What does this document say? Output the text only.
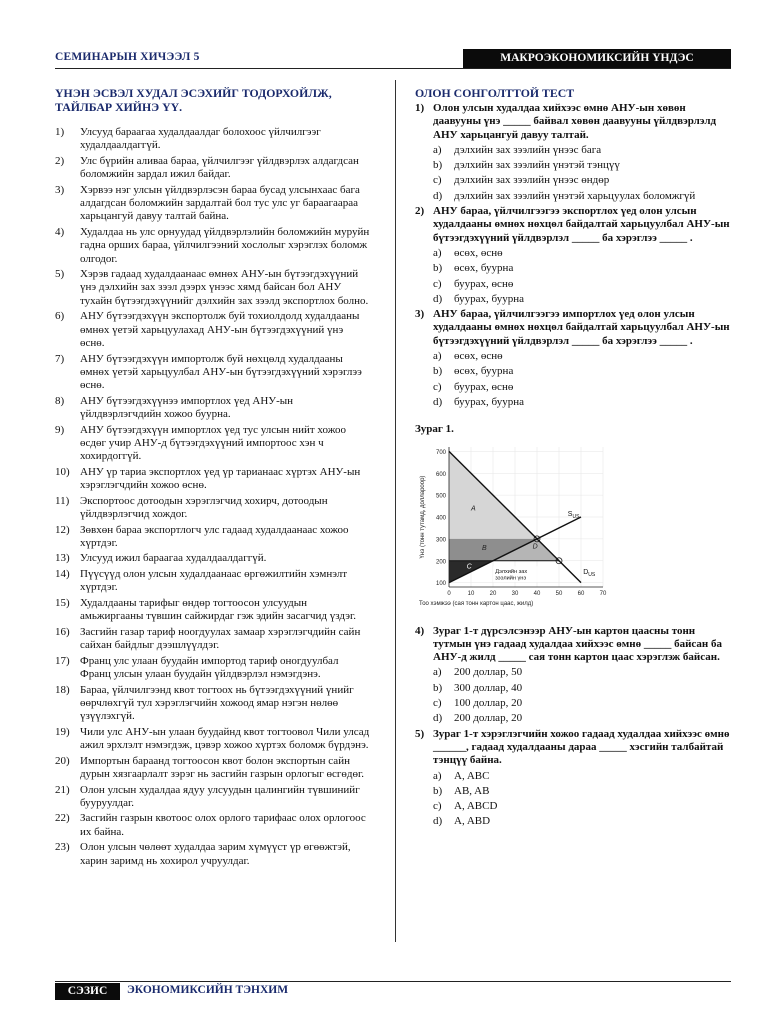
СЕМИНАРЫН ХИЧЭЭЛ 5	МАКРОЭКОНОМИКСИЙН ҮНДЭС
ҮНЭН ЭСВЭЛ ХУДАЛ ЭСЭХИЙГ ТОДОРХОЙЛЖ, ТАЙЛБАР ХИЙНЭ ҮҮ.
1)	Улсууд бараагаа худалдаалдаг болохоос үйлчилгээг худалдаалдаггүй.
2)	Улс бүрийн аливаа бараа, үйлчилгээг үйлдвэрлэх алдагдсан боломжийн зардал ижил байдаг.
3)	Хэрвээ нэг улсын үйлдвэрлэсэн бараа бусад улсынхаас бага алдагдсан боломжийн зардалтай бол тус улс уг бараагаараа харьцангуй давуу талтай байна.
4)	Худалдаа нь улс орнуудад үйлдвэрлэлийн боломжийн муруйн гадна орших бараа, үйлчилгээний хослолыг хэрэглэх боломж олгодог.
5)	Хэрэв гадаад худалдаанаас өмнөх АНУ-ын бүтээгдэхүүний үнэ дэлхийн зах зээл дээрх үнээс хямд байсан бол АНУ тухайн бүтээгдэхүүнийг дэлхийн зах зээлд экспортлох болно.
6)	АНУ бүтээгдэхүүн экспортолж буй тохиолдолд худалдааны өмнөх үетэй харьцуулахад АНУ-ын бүтээгдэхүүний үнэ өснө.
7)	АНУ бүтээгдэхүүн импортолж буй нөхцөлд худалдааны өмнөх үетэй харьцуулбал АНУ-ын бүтээгдэхүүний хэрэглээ өснө.
8)	АНУ бүтээгдэхүүнээ импортлох үед АНУ-ын үйлдвэрлэгчдийн хожоо буурна.
9)	АНУ бүтээгдэхүүн импортлох үед тус улсын нийт хожоо өсдөг учир АНУ-д бүтээгдэхүүний импортоос хэн ч хохирдоггүй.
10) АНУ үр тариа экспортлох үед үр тарианаас хүртэх АНУ-ын хэрэглэгчдийн хожоо өснө.
11) Экспортоос дотоодын хэрэглэгчид хохирч, дотоодын үйлдвэрлэгчид хождог.
12) Зөвхөн бараа экспортлогч улс гадаад худалдаанаас хожоо хүртдэг.
13) Улсууд ижил бараагаа худалдаалдаггүй.
14) Пүүсүүд олон улсын худалдаанаас өргөжилтийн хэмнэлт хүртдэг.
15) Худалдааны тарифыг өндөр тогтоосон улсуудын амьжиргааны түвшин сайжирдаг гэж эдийн засагчид үздэг.
16) Засгийн газар тариф ноогдуулах замаар хэрэглэгчдийн сайн сайхан байдлыг дээшлүүлдэг.
17) Франц улс улаан буудайн импортод тариф оногдуулбал Франц улсын улаан буудайн үйлдвэрлэл нэмэгдэнэ.
18) Бараа, үйлчилгээнд квот тогтоох нь бүтээгдэхүүний үнийг өөрчлөхгүй тул хэрэглэгчийн хожоод ямар нэгэн нөлөө үзүүлэхгүй.
19) Чили улс АНУ-ын улаан буудайнд квот тогтоовол Чили улсад ажил эрхлэлт нэмэгдэж, цэвэр хожоо хүртэх боломж бүрдэнэ.
20) Импортын бараанд тогтоосон квот болон экспортын сайн дурын хязгаарлалт зэрэг нь засгийн газрын орлогыг өсгөдөг.
21) Олон улсын худалдаа ядуу улсуудын цалингийн түвшинийг бууруулдаг.
22) Засгийн газрын квотоос олох орлого тарифаас олох орлогоос их байна.
23) Олон улсын чөлөөт худалдаа зарим хүмүүст үр өгөөжтэй, харин заримд нь хохирол учруулдаг.
ОЛОН СОНГОЛТТОЙ ТЕСТ
1) Олон улсын худалдаа хийхээс өмнө АНУ-ын хөвөн даавууны үнэ _____ байвал хөвөн даавууны үйлдвэрлэлд АНУ харьцангуй давуу талтай.
a)	дэлхийн зах зээлийн үнээс бага
b)	дэлхийн зах зээлийн үнэтэй тэнцүү
c)	дэлхийн зах зээлийн үнээс өндөр
d)	дэлхийн зах зээлийн үнэтэй харьцуулах боломжгүй
2) АНУ бараа, үйлчилгээгээ экспортлох үед олон улсын худалдааны өмнөх нөхцөл байдалтай харьцуулбал АНУ-ын бүтээгдэхүүний үйлдвэрлэл _____ ба хэрэглээ _____ .
a)	өсөх, өснө
b)	өсөх, буурна
c)	буурах, өснө
d)	буурах, буурна
3) АНУ бараа, үйлчилгээгээ импортлох үед олон улсын худалдааны өмнөх нөхцөл байдалтай харьцуулбал АНУ-ын бүтээгдэхүүний үйлдвэрлэл _____ ба хэрэглээ _____ .
a)	өсөх, өснө
b)	өсөх, буурна
c)	буурах, өснө
d)	буурах, буурна
Зураг 1.
100
200
300
400
500
600
700
0	10	20	30	40	50	60	70
Үнэ (тонн тутамд, доллароор)
Тоо хэмжээ (сая тонн картон цаас, жилд)
A
B
C
D
$S_{US}$
$D_{US}$
Дэлхийн зах зээлийн үнэ
4) Зураг 1-т дүрсэлсэнээр АНУ-ын картон цаасны тонн тутмын үнэ гадаад худалдаа хийхээс өмнө _____ байсан ба АНУ-д жилд _____ сая тонн картон цаас хэрэглэж байсан.
a)	200 доллар, 50
b)	300 доллар, 40
c)	100 доллар, 20
d)	200 доллар, 20
5) Зураг 1-т хэрэглэгчийн хожоо гадаад худалдаа хийхээс өмнө ______, гадаад худалдааны дараа _____ хэсгийн талбайтай тэнцүү байна.
a)	A, ABC
b)	AB, AB
c)	A, ABCD
d)	A, ABD
СЭЗИС	ЭКОНОМИКСИЙН ТЭНХИМ
